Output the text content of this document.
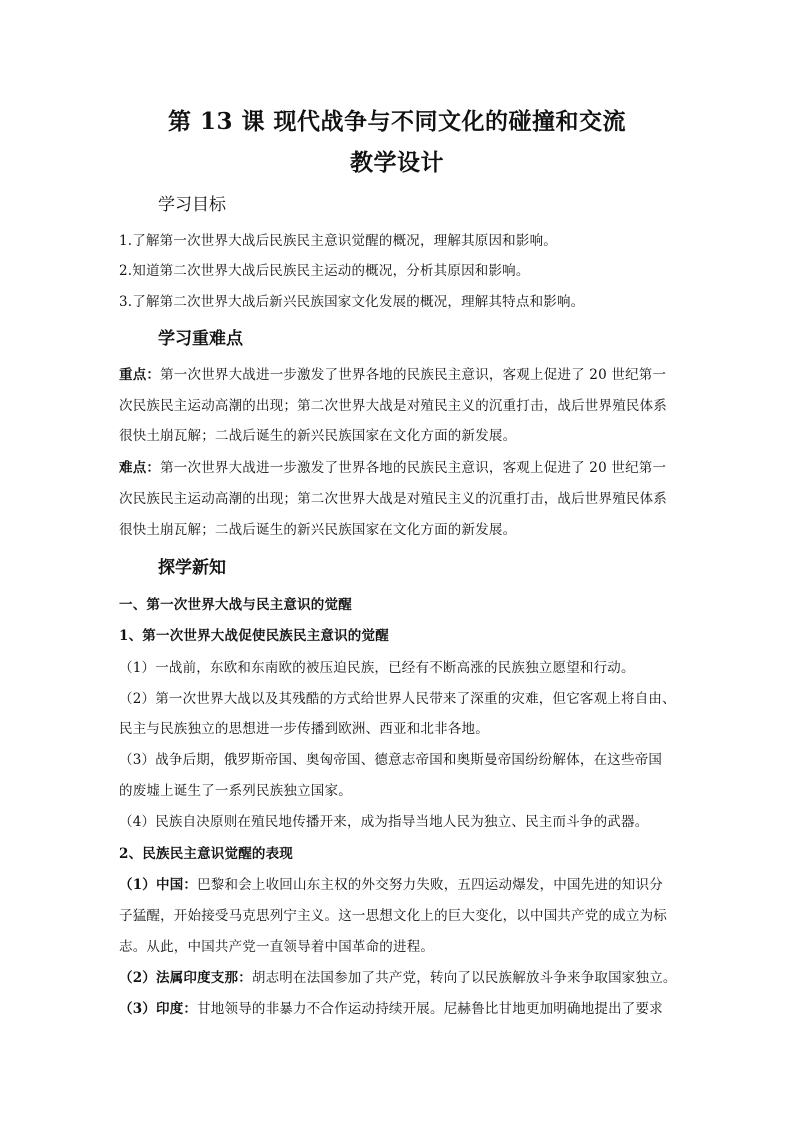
第 13 课 现代战争与不同文化的碰撞和交流
教学设计
学习目标
1.了解第一次世界大战后民族民主意识觉醒的概况，理解其原因和影响。
2.知道第二次世界大战后民族民主运动的概况，分析其原因和影响。
3.了解第二次世界大战后新兴民族国家文化发展的概况，理解其特点和影响。
学习重难点
重点：第一次世界大战进一步激发了世界各地的民族民主意识，客观上促进了 20 世纪第一
次民族民主运动高潮的出现；第二次世界大战是对殖民主义的沉重打击，战后世界殖民体系
很快土崩瓦解；二战后诞生的新兴民族国家在文化方面的新发展。
难点：第一次世界大战进一步激发了世界各地的民族民主意识，客观上促进了 20 世纪第一
次民族民主运动高潮的出现；第二次世界大战是对殖民主义的沉重打击，战后世界殖民体系
很快土崩瓦解；二战后诞生的新兴民族国家在文化方面的新发展。
探学新知
一、第一次世界大战与民主意识的觉醒
1、第一次世界大战促使民族民主意识的觉醒
（1）一战前，东欧和东南欧的被压迫民族，已经有不断高涨的民族独立愿望和行动。
（2）第一次世界大战以及其残酷的方式给世界人民带来了深重的灾难，但它客观上将自由、
民主与民族独立的思想进一步传播到欧洲、西亚和北非各地。
（3）战争后期，俄罗斯帝国、奥匈帝国、德意志帝国和奥斯曼帝国纷纷解体，在这些帝国
的废墟上诞生了一系列民族独立国家。
（4）民族自决原则在殖民地传播开来，成为指导当地人民为独立、民主而斗争的武器。
2、民族民主意识觉醒的表现
（1）中国：巴黎和会上收回山东主权的外交努力失败，五四运动爆发，中国先进的知识分
子猛醒，开始接受马克思列宁主义。这一思想文化上的巨大变化，以中国共产党的成立为标
志。从此，中国共产党一直领导着中国革命的进程。
（2）法属印度支那：胡志明在法国参加了共产党，转向了以民族解放斗争来争取国家独立。
（3）印度：甘地领导的非暴力不合作运动持续开展。尼赫鲁比甘地更加明确地提出了要求
